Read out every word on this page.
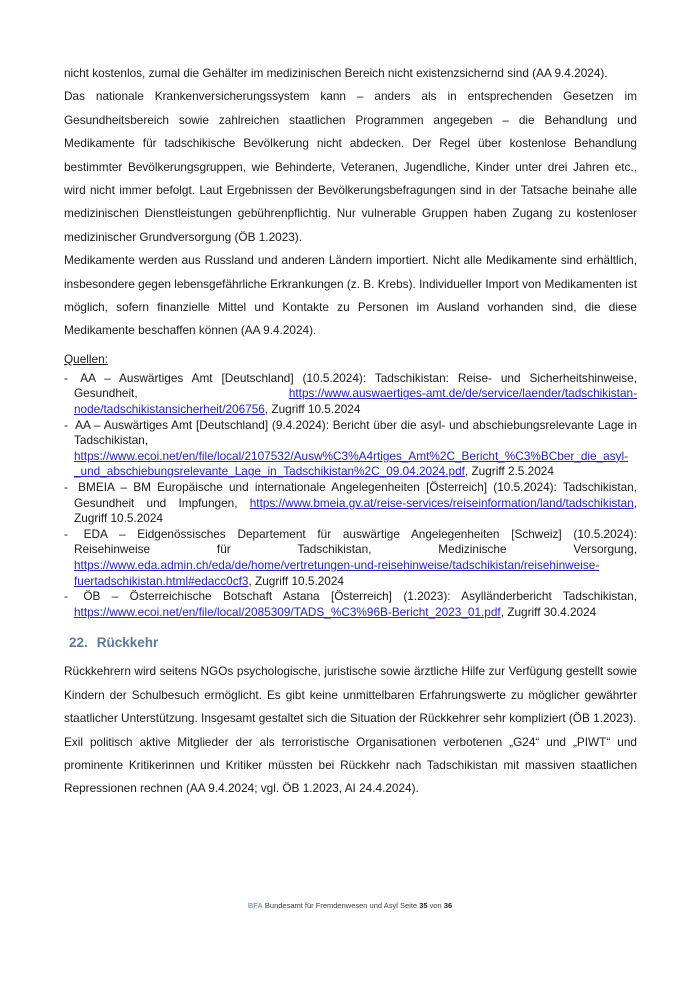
nicht kostenlos, zumal die Gehälter im medizinischen Bereich nicht existenzsichernd sind (AA 9.4.2024).

Das nationale Krankenversicherungssystem kann – anders als in entsprechenden Gesetzen im Gesundheitsbereich sowie zahlreichen staatlichen Programmen angegeben – die Behandlung und Medikamente für tadschikische Bevölkerung nicht abdecken. Der Regel über kostenlose Behandlung bestimmter Bevölkerungsgruppen, wie Behinderte, Veteranen, Jugendliche, Kinder unter drei Jahren etc., wird nicht immer befolgt. Laut Ergebnissen der Bevölkerungsbefragungen sind in der Tatsache beinahe alle medizinischen Dienstleistungen gebührenpflichtig. Nur vulnerable Gruppen haben Zugang zu kostenloser medizinischer Grundversorgung (ÖB 1.2023).

Medikamente werden aus Russland und anderen Ländern importiert. Nicht alle Medikamente sind erhältlich, insbesondere gegen lebensgefährliche Erkrankungen (z. B. Krebs). Individueller Import von Medikamenten ist möglich, sofern finanzielle Mittel und Kontakte zu Personen im Ausland vorhanden sind, die diese Medikamente beschaffen können (AA 9.4.2024).

Quellen:
- AA – Auswärtiges Amt [Deutschland] (10.5.2024): Tadschikistan: Reise- und Sicherheitshinweise, Gesundheit,	https://www.auswaertiges-amt.de/de/service/laender/tadschikistan-node/tadschikistansicherheit/206756, Zugriff 10.5.2024
- AA – Auswärtiges Amt [Deutschland] (9.4.2024): Bericht über die asyl- und abschiebungsrelevante Lage in Tadschikistan, https://www.ecoi.net/en/file/local/2107532/Ausw%C3%A4rtiges_Amt%2C_Bericht_%C3%BCber_die_asyl-_und_abschiebungsrelevante_Lage_in_Tadschikistan%2C_09.04.2024.pdf, Zugriff 2.5.2024
- BMEIA – BM Europäische und internationale Angelegenheiten [Österreich] (10.5.2024): Tadschikistan, Gesundheit und Impfungen, https://www.bmeia.gv.at/reise-services/reiseinformation/land/tadschikistan, Zugriff 10.5.2024
- EDA – Eidgenössisches Departement für auswärtige Angelegenheiten [Schweiz] (10.5.2024): Reisehinweise für Tadschikistan, Medizinische Versorgung, https://www.eda.admin.ch/eda/de/home/vertretungen-und-reisehinweise/tadschikistan/reisehinweise-fuertadschikistan.html#edacc0cf3, Zugriff 10.5.2024
- ÖB – Österreichische Botschaft Astana [Österreich] (1.2023): Asylländerbericht Tadschikistan, https://www.ecoi.net/en/file/local/2085309/TADS_%C3%96B-Bericht_2023_01.pdf, Zugriff 30.4.2024
22. Rückkehr

Rückkehrern wird seitens NGOs psychologische, juristische sowie ärztliche Hilfe zur Verfügung gestellt sowie Kindern der Schulbesuch ermöglicht. Es gibt keine unmittelbaren Erfahrungswerte zu möglicher gewährter staatlicher Unterstützung. Insgesamt gestaltet sich die Situation der Rückkehrer sehr kompliziert (ÖB 1.2023).

Exil politisch aktive Mitglieder der als terroristische Organisationen verbotenen „G24“ und „PIWT“ und prominente Kritikerinnen und Kritiker müssten bei Rückkehr nach Tadschikistan mit massiven staatlichen Repressionen rechnen (AA 9.4.2024; vgl. ÖB 1.2023, AI 24.4.2024).

BFA Bundesamt für Fremdenwesen und Asyl Seite 35 von 36
